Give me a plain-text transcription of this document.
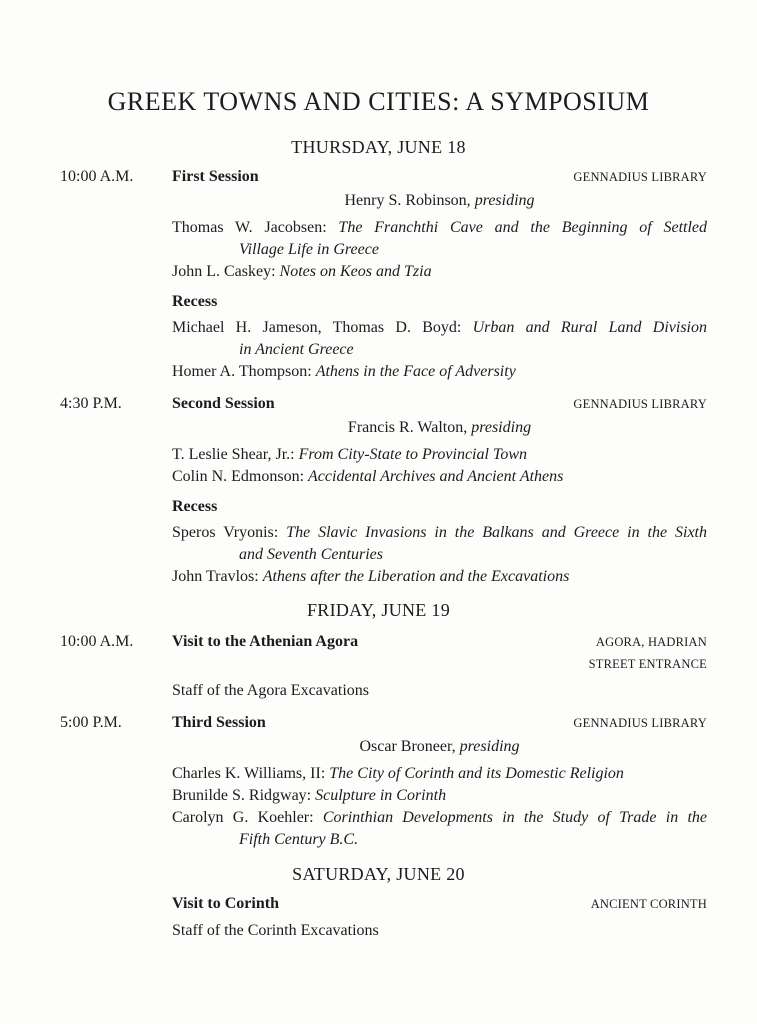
GREEK TOWNS AND CITIES: A SYMPOSIUM
THURSDAY, JUNE 18
10:00 A.M.	First Session	GENNADIUS LIBRARY

Henry S. Robinson, presiding

Thomas W. Jacobsen: The Franchthi Cave and the Beginning of Settled
Village Life in Greece

John L. Caskey: Notes on Keos and Tzia

Recess

Michael H. Jameson, Thomas D. Boyd: Urban and Rural Land Division
in Ancient Greece

Homer A. Thompson: Athens in the Face of Adversity

4:30 P.M.	Second Session	GENNADIUS LIBRARY

Francis R. Walton, presiding

T. Leslie Shear, Jr.: From City-State to Provincial Town

Colin N. Edmonson: Accidental Archives and Ancient Athens

Recess

Speros Vryonis: The Slavic Invasions in the Balkans and Greece in the Sixth
and Seventh Centuries

John Travlos: Athens after the Liberation and the Excavations

FRIDAY, JUNE 19
10:00 A.M.	Visit to the Athenian Agora	AGORA, HADRIAN
STREET ENTRANCE

Staff of the Agora Excavations

5:00 P.M.	Third Session	GENNADIUS LIBRARY

Oscar Broneer, presiding

Charles K. Williams, II: The City of Corinth and its Domestic Religion

Brunilde S. Ridgway: Sculpture in Corinth

Carolyn G. Koehler: Corinthian Developments in the Study of Trade in the
Fifth Century B.C.

SATURDAY, JUNE 20
Visit to Corinth	ANCIENT CORINTH

Staff of the Corinth Excavations
